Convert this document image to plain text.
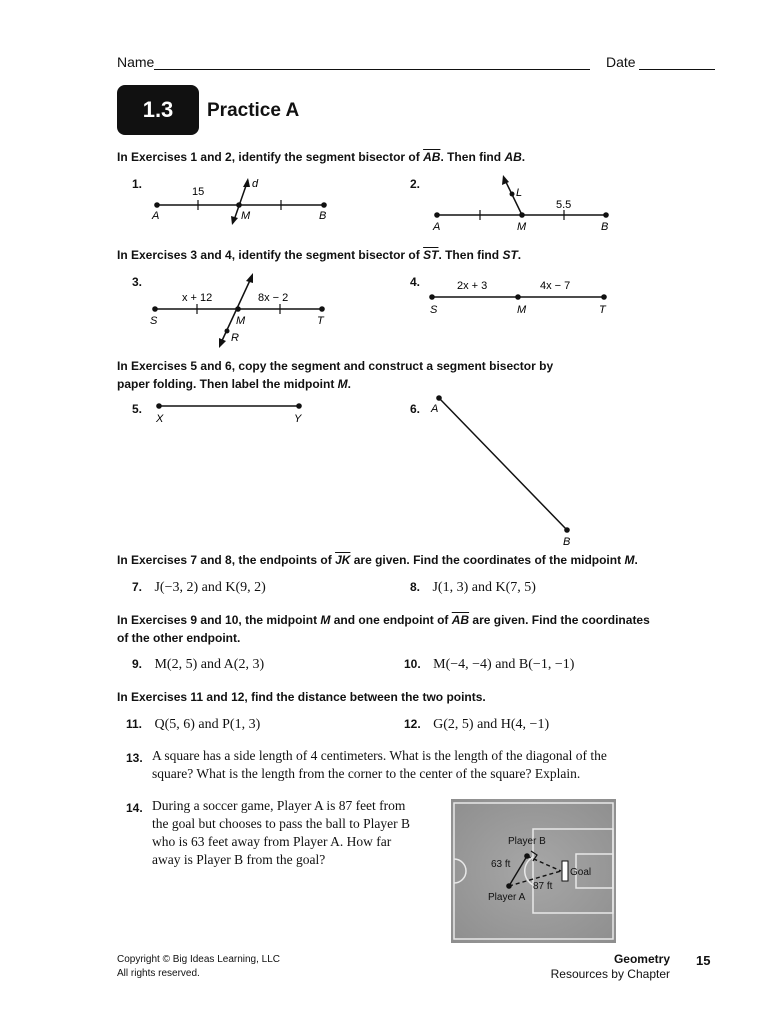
Name	Date
1.3 Practice A
In Exercises 1 and 2, identify the segment bisector of $\overline{AB}$. Then find AB.
1.
15
d
A	M	B
2.
L
5.5
A	M	B
In Exercises 3 and 4, identify the segment bisector of $\overline{ST}$. Then find ST.
3.
x + 12	8x − 2
S	M	T
R
4.	2x + 3	4x − 7
S	M	T
In Exercises 5 and 6, copy the segment and construct a segment bisector by
paper folding. Then label the midpoint M.
5.
X	Y
6. A
B
In Exercises 7 and 8, the endpoints of $\overline{JK}$ are given. Find the coordinates of the midpoint M.
7. J(−3, 2) and K(9, 2)	8. J(1, 3) and K(7, 5)
In Exercises 9 and 10, the midpoint M and one endpoint of $\overline{AB}$ are given. Find the coordinates
of the other endpoint.
9. M(2, 5) and A(2, 3)	10. M(−4, −4) and B(−1, −1)
In Exercises 11 and 12, find the distance between the two points.
11. Q(5, 6) and P(1, 3)	12. G(2, 5) and H(4, −1)
13. A square has a side length of 4 centimeters. What is the length of the diagonal of the
square? What is the length from the corner to the center of the square? Explain.
14. During a soccer game, Player A is 87 feet from
the goal but chooses to pass the ball to Player B
who is 63 feet away from Player A. How far
away is Player B from the goal?
Player B
Player A
63 ft
87 ft
Goal
Copyright © Big Ideas Learning, LLC
All rights reserved.
Geometry
Resources by Chapter
15
